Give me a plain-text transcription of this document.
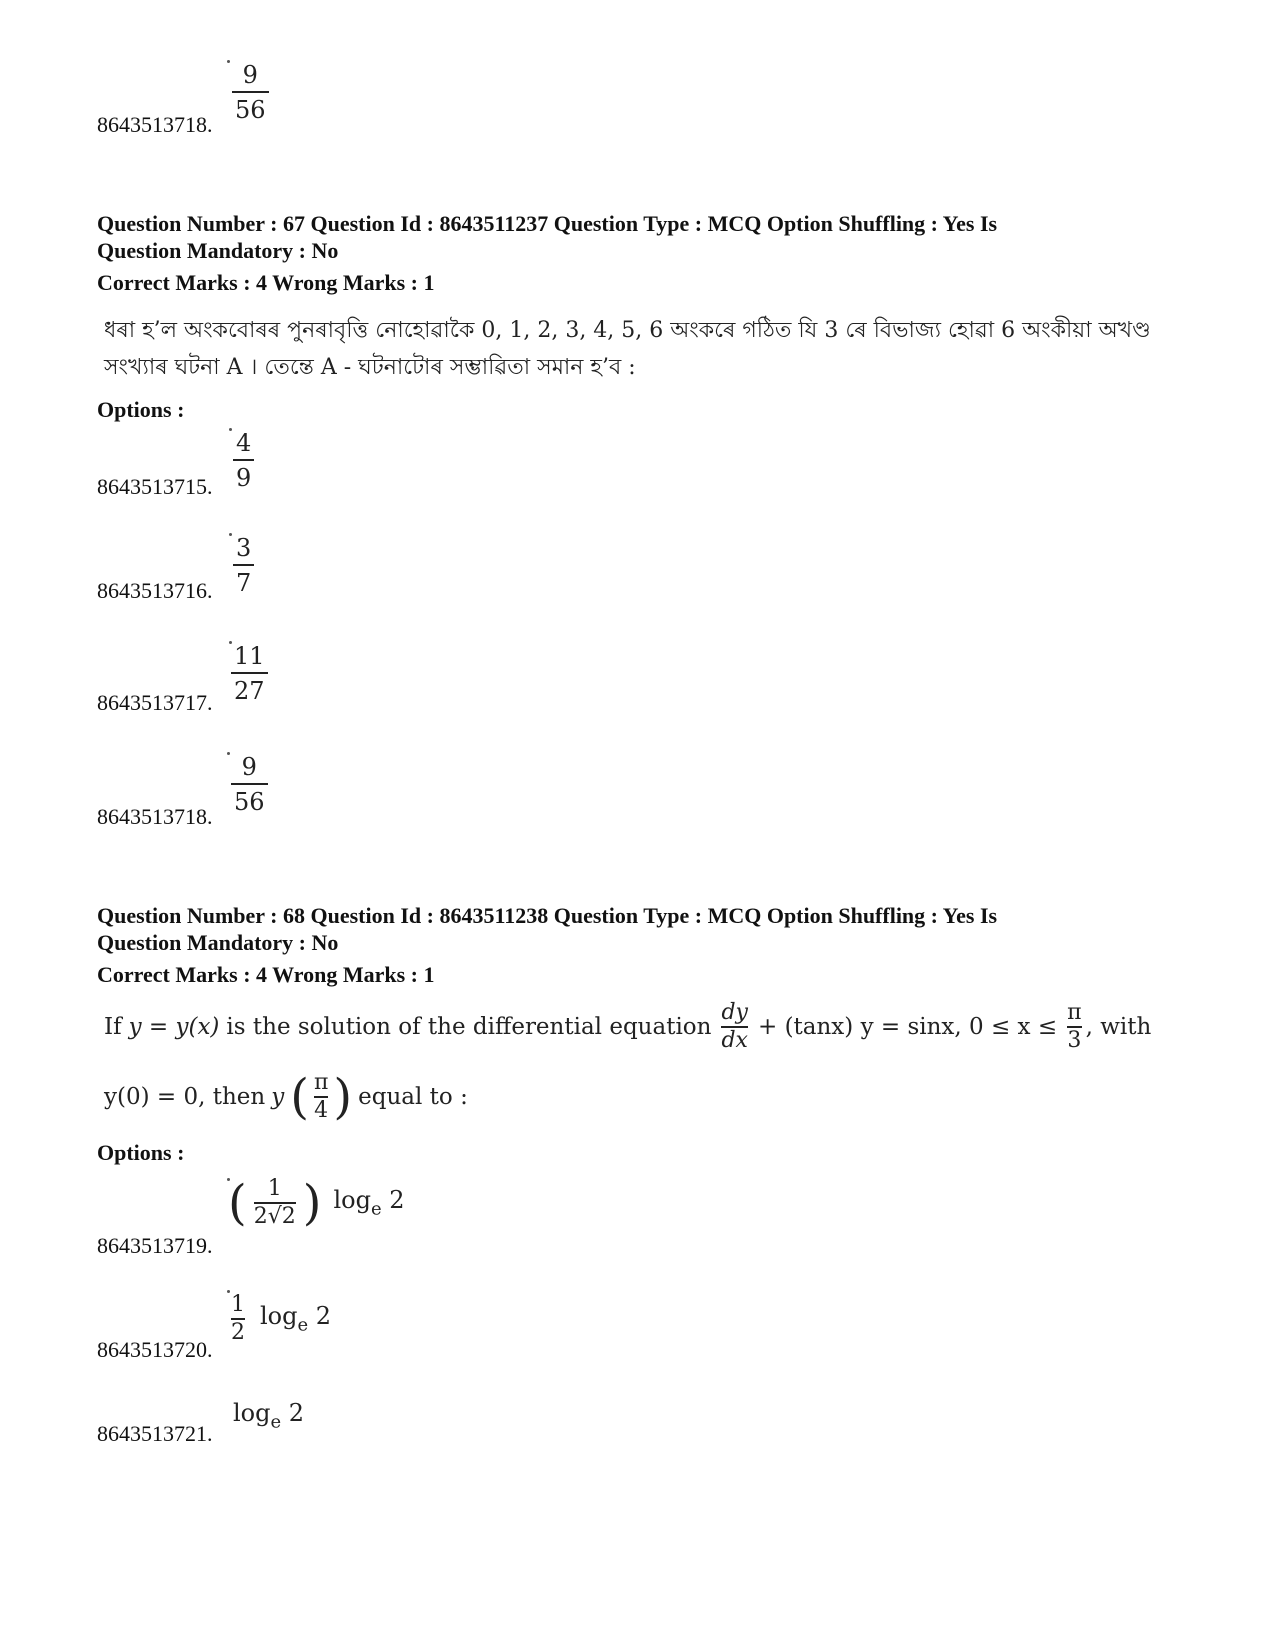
9
56
8643513718.
Question Number : 67 Question Id : 8643511237 Question Type : MCQ Option Shuffling : Yes Is
Question Mandatory : No
Correct Marks : 4 Wrong Marks : 1
ধৰা হ’ল অংকবোৰৰ পুনৰাবৃত্তি নোহোৱাকৈ 0, 1, 2, 3, 4, 5, 6 অংকৰে গঠিত যি 3 ৰে বিভাজ্য হোৱা 6 অংকীয়া অখণ্ড
সংখ্যাৰ ঘটনা A । তেন্তে A - ঘটনাটোৰ সম্ভাৱিতা সমান হ’ব :
Options :
4
9
8643513715.
3
7
8643513716.
11
27
8643513717.
9
56
8643513718.
Question Number : 68 Question Id : 8643511238 Question Type : MCQ Option Shuffling : Yes Is
Question Mandatory : No
Correct Marks : 4 Wrong Marks : 1
If y = y(x) is the solution of the differential equation
dy
dx
+ (tanx) y = sinx, 0 ≤ x ≤
π
3
, with
y(0) = 0, then y ( π
4 ) equal to :
Options :
( 1
2√2 ) $\log_e 2$
8643513719.
1
2
$\log_e 2$
8643513720.
$\log_e 2$
8643513721.
